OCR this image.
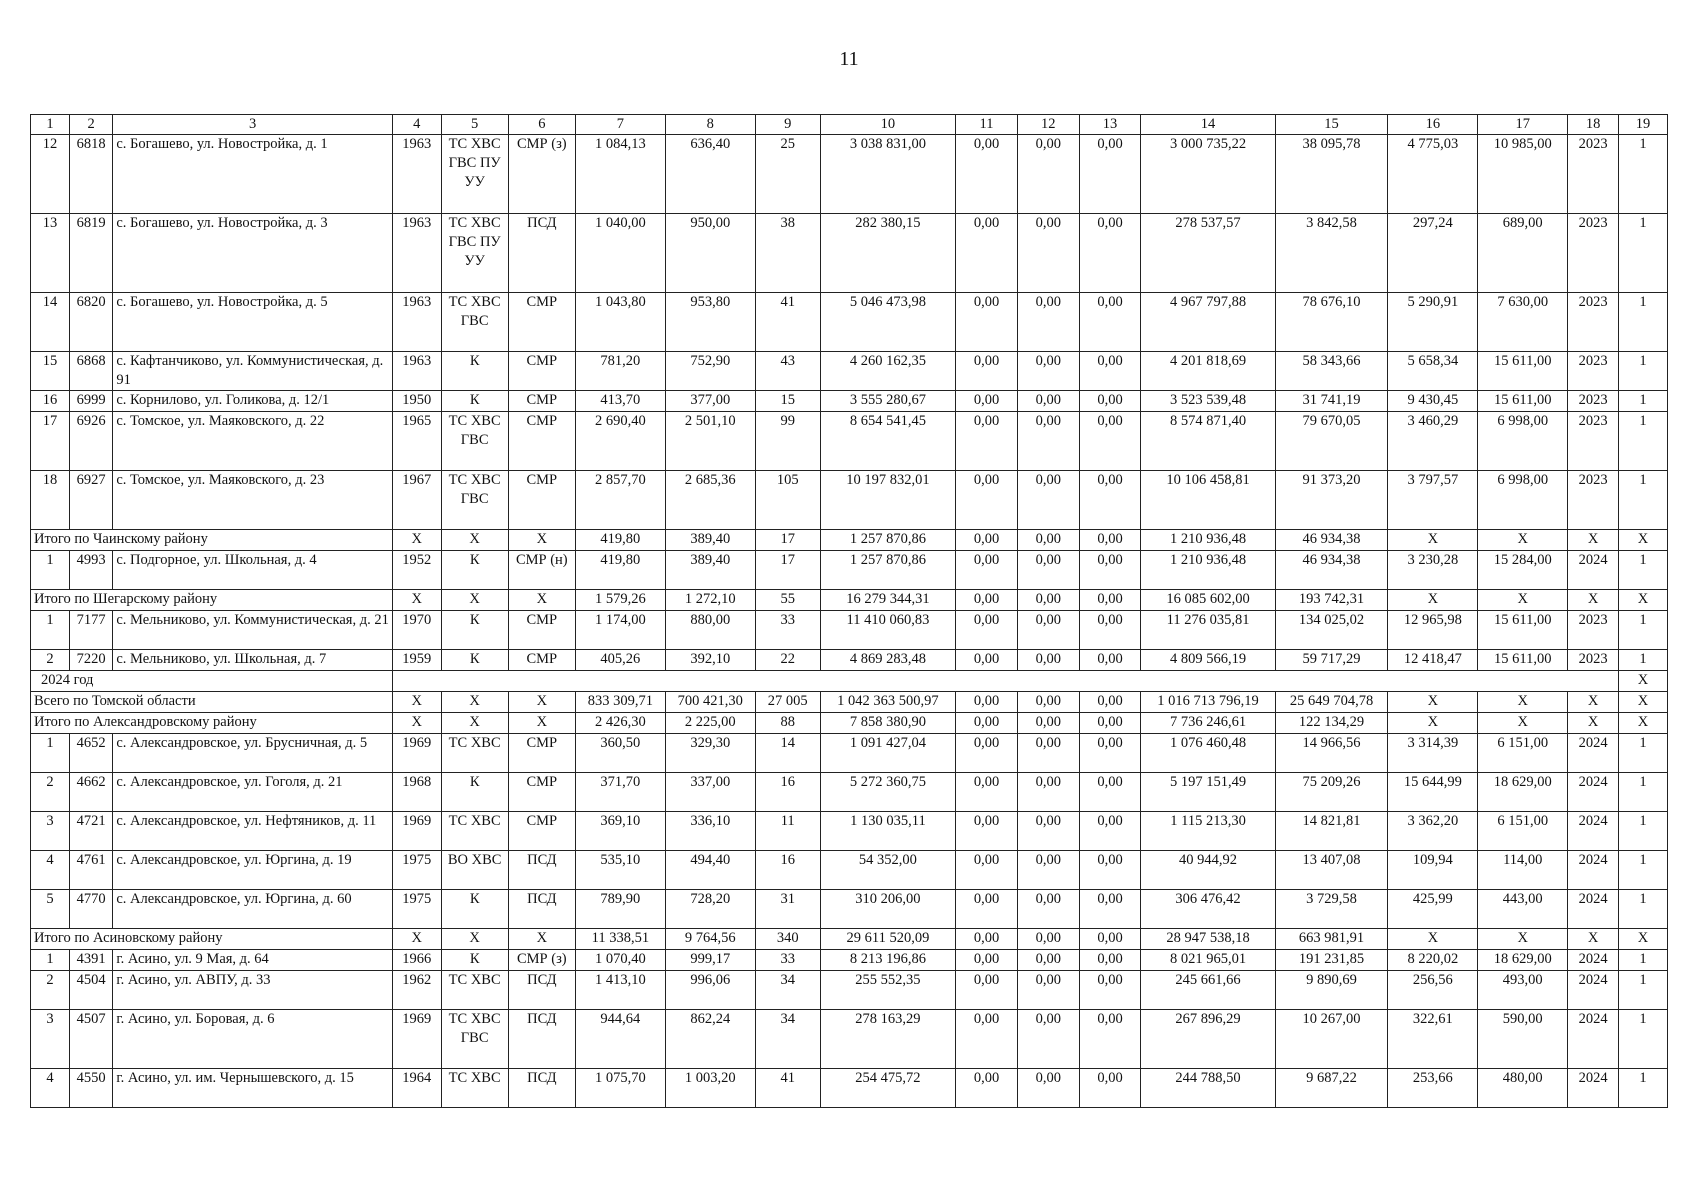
11
1	2	3	4	5	6	7	8	9	10	11	12	13	14	15	16	17	18	19
12	6818	с. Богашево, ул. Новостройка, д. 1	1963	ТС ХВС ГВС ПУ УУ	СМР (з)	1 084,13	636,40	25	3 038 831,00	0,00	0,00	0,00	3 000 735,22	38 095,78	4 775,03	10 985,00	2023	1
13	6819	с. Богашево, ул. Новостройка, д. 3	1963	ТС ХВС ГВС ПУ УУ	ПСД	1 040,00	950,00	38	282 380,15	0,00	0,00	0,00	278 537,57	3 842,58	297,24	689,00	2023	1
14	6820	с. Богашево, ул. Новостройка, д. 5	1963	ТС ХВС ГВС	СМР	1 043,80	953,80	41	5 046 473,98	0,00	0,00	0,00	4 967 797,88	78 676,10	5 290,91	7 630,00	2023	1
15	6868	с. Кафтанчиково, ул. Коммунистическая, д. 91	1963	К	СМР	781,20	752,90	43	4 260 162,35	0,00	0,00	0,00	4 201 818,69	58 343,66	5 658,34	15 611,00	2023	1
16	6999	с. Корнилово, ул. Голикова, д. 12/1	1950	К	СМР	413,70	377,00	15	3 555 280,67	0,00	0,00	0,00	3 523 539,48	31 741,19	9 430,45	15 611,00	2023	1
17	6926	с. Томское, ул. Маяковского, д. 22	1965	ТС ХВС ГВС	СМР	2 690,40	2 501,10	99	8 654 541,45	0,00	0,00	0,00	8 574 871,40	79 670,05	3 460,29	6 998,00	2023	1
18	6927	с. Томское, ул. Маяковского, д. 23	1967	ТС ХВС ГВС	СМР	2 857,70	2 685,36	105	10 197 832,01	0,00	0,00	0,00	10 106 458,81	91 373,20	3 797,57	6 998,00	2023	1
Итого по Чаинскому району			Х	Х	Х	419,80	389,40	17	1 257 870,86	0,00	0,00	0,00	1 210 936,48	46 934,38	Х	Х	Х	Х
1	4993	с. Подгорное, ул. Школьная, д. 4	1952	К	СМР (н)	419,80	389,40	17	1 257 870,86	0,00	0,00	0,00	1 210 936,48	46 934,38	3 230,28	15 284,00	2024	1
Итого по Шегарскому району			Х	Х	Х	1 579,26	1 272,10	55	16 279 344,31	0,00	0,00	0,00	16 085 602,00	193 742,31	Х	Х	Х	Х
1	7177	с. Мельниково, ул. Коммунистическая, д. 21	1970	К	СМР	1 174,00	880,00	33	11 410 060,83	0,00	0,00	0,00	11 276 035,81	134 025,02	12 965,98	15 611,00	2023	1
2	7220	с. Мельниково, ул. Школьная, д. 7	1959	К	СМР	405,26	392,10	22	4 869 283,48	0,00	0,00	0,00	4 809 566,19	59 717,29	12 418,47	15 611,00	2023	1
2024 год																		Х
Всего по Томской области			Х	Х	Х	833 309,71	700 421,30	27 005	1 042 363 500,97	0,00	0,00	0,00	1 016 713 796,19	25 649 704,78	Х	Х	Х	Х
Итого по Александровскому району			Х	Х	Х	2 426,30	2 225,00	88	7 858 380,90	0,00	0,00	0,00	7 736 246,61	122 134,29	Х	Х	Х	Х
1	4652	с. Александровское, ул. Брусничная, д. 5	1969	ТС ХВС	СМР	360,50	329,30	14	1 091 427,04	0,00	0,00	0,00	1 076 460,48	14 966,56	3 314,39	6 151,00	2024	1
2	4662	с. Александровское, ул. Гоголя, д. 21	1968	К	СМР	371,70	337,00	16	5 272 360,75	0,00	0,00	0,00	5 197 151,49	75 209,26	15 644,99	18 629,00	2024	1
3	4721	с. Александровское, ул. Нефтяников, д. 11	1969	ТС ХВС	СМР	369,10	336,10	11	1 130 035,11	0,00	0,00	0,00	1 115 213,30	14 821,81	3 362,20	6 151,00	2024	1
4	4761	с. Александровское, ул. Юргина, д. 19	1975	ВО ХВС	ПСД	535,10	494,40	16	54 352,00	0,00	0,00	0,00	40 944,92	13 407,08	109,94	114,00	2024	1
5	4770	с. Александровское, ул. Юргина, д. 60	1975	К	ПСД	789,90	728,20	31	310 206,00	0,00	0,00	0,00	306 476,42	3 729,58	425,99	443,00	2024	1
Итого по Асиновскому району			Х	Х	Х	11 338,51	9 764,56	340	29 611 520,09	0,00	0,00	0,00	28 947 538,18	663 981,91	Х	Х	Х	Х
1	4391	г. Асино, ул. 9 Мая, д. 64	1966	К	СМР (з)	1 070,40	999,17	33	8 213 196,86	0,00	0,00	0,00	8 021 965,01	191 231,85	8 220,02	18 629,00	2024	1
2	4504	г. Асино, ул. АВПУ, д. 33	1962	ТС ХВС	ПСД	1 413,10	996,06	34	255 552,35	0,00	0,00	0,00	245 661,66	9 890,69	256,56	493,00	2024	1
3	4507	г. Асино, ул. Боровая, д. 6	1969	ТС ХВС ГВС	ПСД	944,64	862,24	34	278 163,29	0,00	0,00	0,00	267 896,29	10 267,00	322,61	590,00	2024	1
4	4550	г. Асино, ул. им. Чернышевского, д. 15	1964	ТС ХВС	ПСД	1 075,70	1 003,20	41	254 475,72	0,00	0,00	0,00	244 788,50	9 687,22	253,66	480,00	2024	1
